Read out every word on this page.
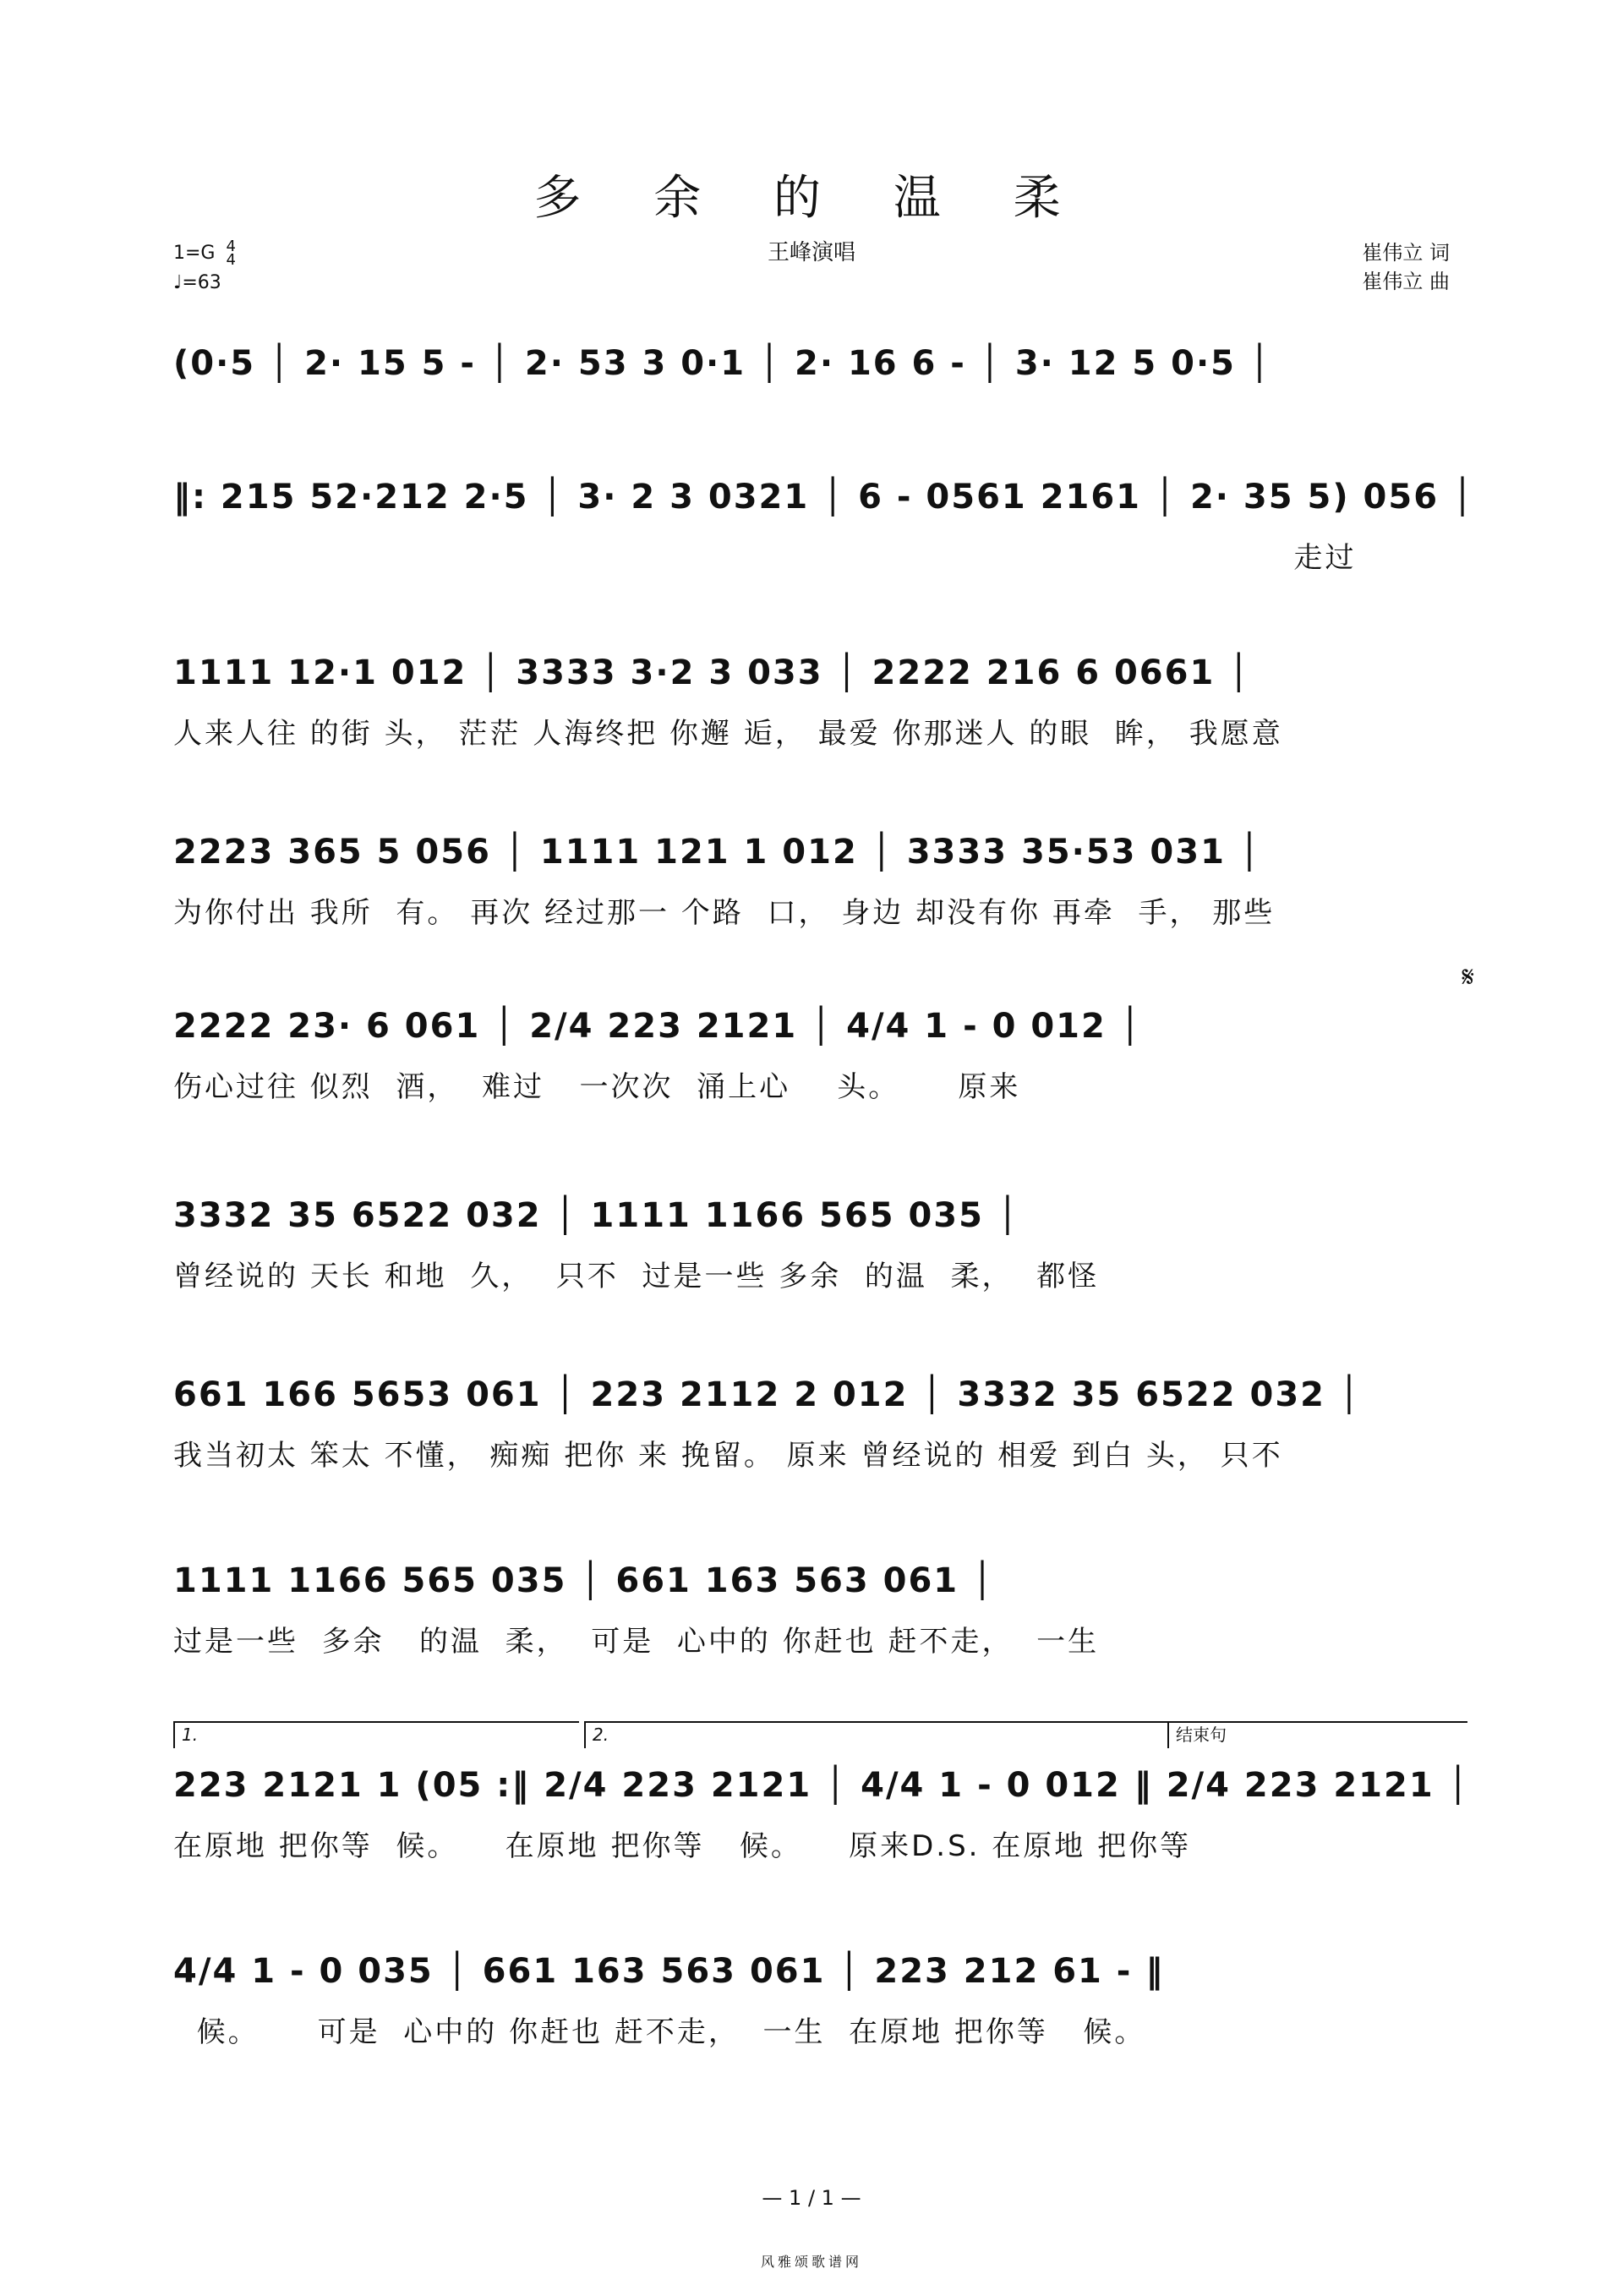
多 余 的 温 柔
王峰演唱
1=G 4
4
♩=63
崔伟立 词
崔伟立 曲
(0·5 │ 2· 15 5 - │ 2· 53 3 0·1 │ 2· 16 6 - │ 3· 12 5 0·5 │
‖: 215 52·212 2·5 │ 3· 2 3 0321 │ 6 - 0561 2161 │ 2· 35 5) 056 │
走过
1111 12·1 012 │ 3333 3·2 3 033 │ 2222 216 6 0661 │
人来人往 的街 头， 茫茫 人海终把 你邂 逅， 最爱 你那迷人 的眼  眸， 我愿意
2223 365 5 056 │ 1111 121 1 012 │ 3333 35·53 031 │
为你付出 我所  有。 再次 经过那一 个路  口， 身边 却没有你 再牵  手， 那些
2222 23· 6 061 │ 2/4 223 2121 │ 4/4 1 - 0 012 │
伤心过往 似烈  酒，  难过   一次次  涌上心    头。     原来
𝄋
3332 35 6522 032 │ 1111 1166 565 035 │
曾经说的 天长 和地  久，  只不  过是一些 多余  的温  柔，  都怪
661 166 5653 061 │ 223 2112 2 012 │ 3332 35 6522 032 │
我当初太 笨太 不懂， 痴痴 把你 来 挽留。 原来 曾经说的 相爱 到白 头， 只不
1111 1166 565 035 │ 661 163 563 061 │
过是一些  多余   的温  柔，  可是  心中的 你赶也 赶不走，  一生
1.	2.	结束句
223 2121 1 (05 :‖ 2/4 223 2121 │ 4/4 1 - 0 012 ‖ 2/4 223 2121 │
在原地 把你等  候。    在原地 把你等   候。    原来D.S. 在原地 把你等
4/4 1 - 0 035 │ 661 163 563 061 │ 223 212 61 - ‖
候。     可是  心中的 你赶也 赶不走，  一生  在原地 把你等   候。
— 1 / 1 —
风雅颂歌谱网
